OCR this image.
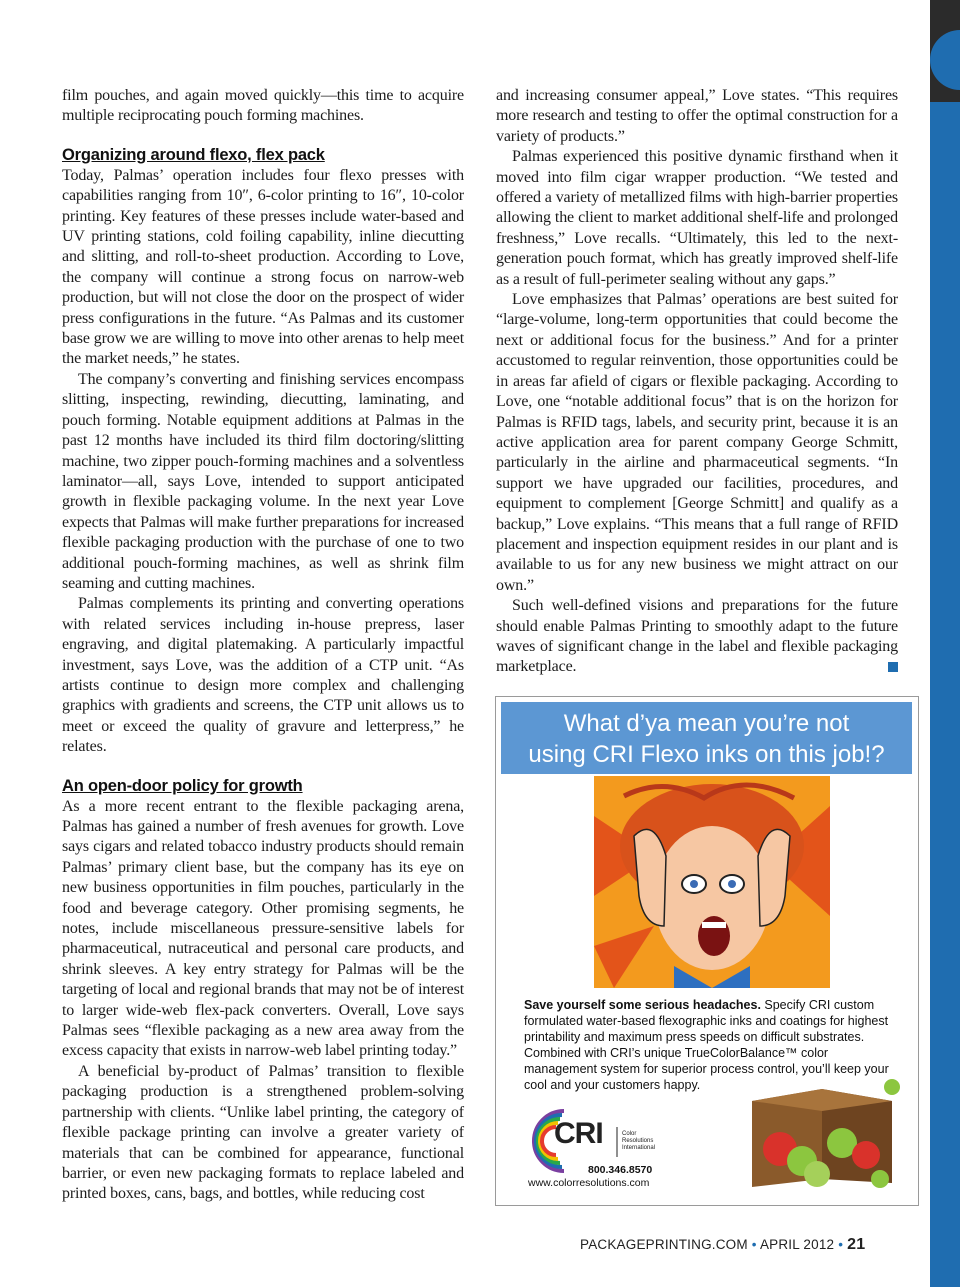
film pouches, and again moved quickly—this time to acquire multiple reciprocating pouch forming machines.

Organizing around flexo, flex pack

Today, Palmas’ operation includes four flexo presses with capabilities ranging from 10″, 6-color printing to 16″, 10-color printing. Key features of these presses include water-based and UV printing stations, cold foiling capability, inline diecutting and slitting, and roll-to-sheet production. According to Love, the company will continue a strong focus on narrow-web production, but will not close the door on the prospect of wider press configurations in the future. “As Palmas and its customer base grow we are willing to move into other arenas to help meet the market needs,” he states.

The company’s converting and finishing services encompass slitting, inspecting, rewinding, diecutting, laminating, and pouch forming. Notable equipment additions at Palmas in the past 12 months have included its third film doctoring/slitting machine, two zipper pouch-forming machines and a solventless laminator—all, says Love, intended to support anticipated growth in flexible packaging volume. In the next year Love expects that Palmas will make further preparations for increased flexible packaging production with the purchase of one to two additional pouch-forming machines, as well as shrink film seaming and cutting machines.

Palmas complements its printing and converting operations with related services including in-house prepress, laser engraving, and digital platemaking. A particularly impactful investment, says Love, was the addition of a CTP unit. “As artists continue to design more complex and challenging graphics with gradients and screens, the CTP unit allows us to meet or exceed the quality of gravure and letterpress,” he relates.

An open-door policy for growth

As a more recent entrant to the flexible packaging arena, Palmas has gained a number of fresh avenues for growth. Love says cigars and related tobacco industry products should remain Palmas’ primary client base, but the company has its eye on new business opportunities in film pouches, particularly in the food and beverage category. Other promising segments, he notes, include miscellaneous pressure-sensitive labels for pharmaceutical, nutraceutical and personal care products, and shrink sleeves. A key entry strategy for Palmas will be the targeting of local and regional brands that may not be of interest to larger wide-web flex-pack converters. Overall, Love says Palmas sees “flexible packaging as a new area away from the excess capacity that exists in narrow-web label printing today.”

A beneficial by-product of Palmas’ transition to flexible packaging production is a strengthened problem-solving partnership with clients. “Unlike label printing, the category of flexible package printing can involve a greater variety of materials that can be combined for appearance, functional barrier, or even new packaging formats to replace labeled and printed boxes, cans, bags, and bottles, while reducing cost

and increasing consumer appeal,” Love states. “This requires more research and testing to offer the optimal construction for a variety of products.”

Palmas experienced this positive dynamic firsthand when it moved into film cigar wrapper production. “We tested and offered a variety of metallized films with high-barrier properties allowing the client to market additional shelf-life and prolonged freshness,” Love recalls. “Ultimately, this led to the next-generation pouch format, which has greatly improved shelf-life as a result of full-perimeter sealing without any gaps.”

Love emphasizes that Palmas’ operations are best suited for “large-volume, long-term opportunities that could become the next or additional focus for the business.” And for a printer accustomed to regular reinvention, those opportunities could be in areas far afield of cigars or flexible packaging. According to Love, one “notable additional focus” that is on the horizon for Palmas is RFID tags, labels, and security print, because it is an active application area for parent company George Schmitt, particularly in the airline and pharmaceutical segments. “In support we have upgraded our facilities, procedures, and equipment to complement [George Schmitt] and qualify as a backup,” Love explains. “This means that a full range of RFID placement and inspection equipment resides in our plant and is available to us for any new business we might attract on our own.”

Such well-defined visions and preparations for the future should enable Palmas Printing to smoothly adapt to the future waves of significant change in the label and flexible packaging marketplace.

What d’ya mean you’re not
using CRI Flexo inks on this job!?
Save yourself some serious headaches. Specify CRI custom formulated water-based flexographic inks and coatings for highest printability and maximum press speeds on difficult substrates. Combined with CRI’s unique TrueColorBalance™ color management system for superior process control, you’ll keep your cool and your customers happy.
CRI	Color
Resolutions
International
800.346.8570
www.colorresolutions.com
PACKAGEPRINTING.COM • APRIL 2012 • 21
